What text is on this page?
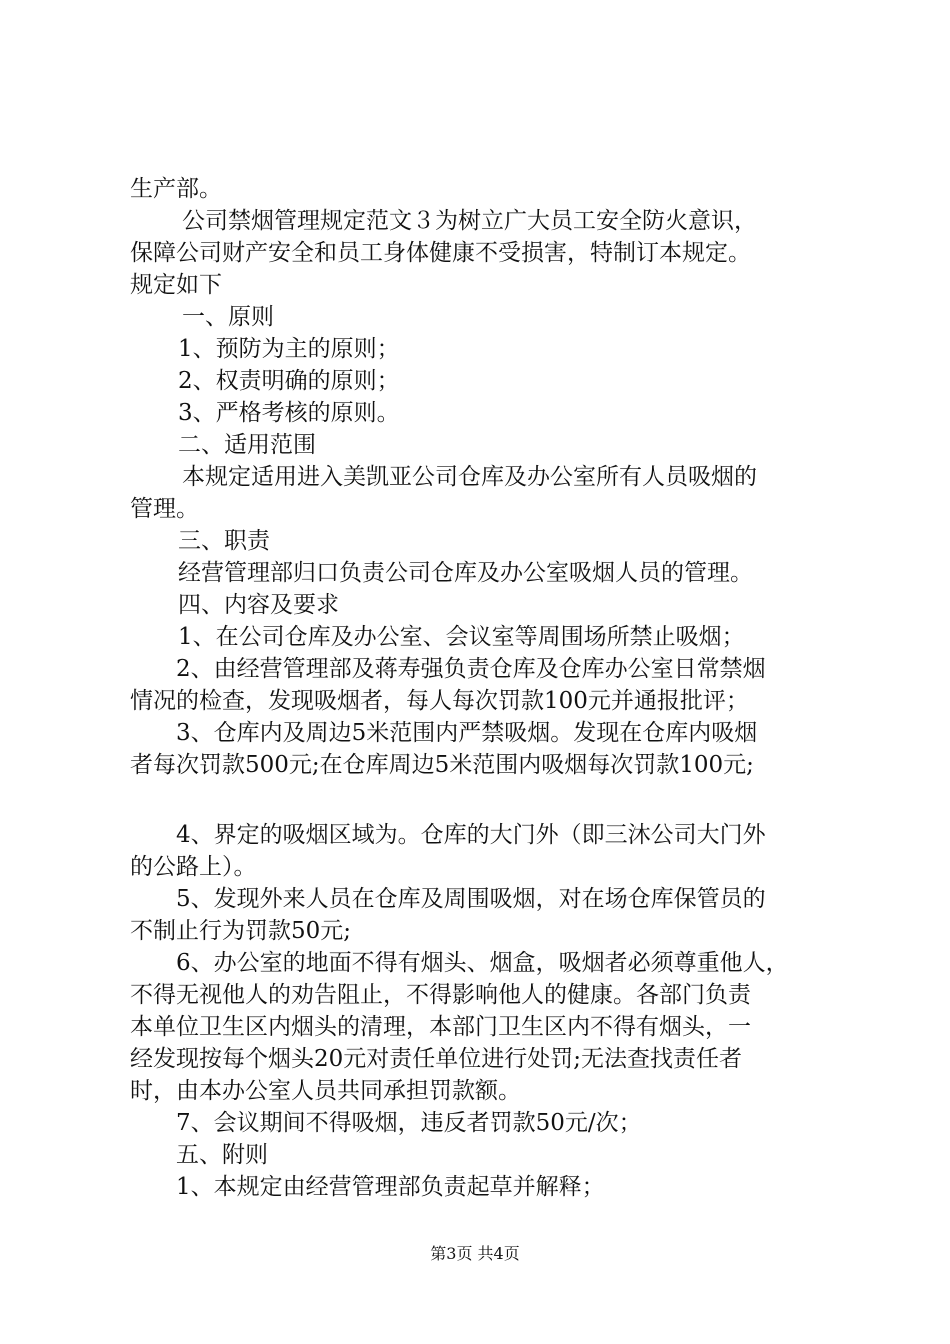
生产部。
公司禁烟管理规定范文３为树立广大员工安全防火意识，
保障公司财产安全和员工身体健康不受损害，特制订本规定。
规定如下
一、原则
1、预防为主的原则；
2、权责明确的原则；
3、严格考核的原则。
二、适用范围
本规定适用进入美凯亚公司仓库及办公室所有人员吸烟的
管理。
三、职责
经营管理部归口负责公司仓库及办公室吸烟人员的管理。
四、内容及要求
1、在公司仓库及办公室、会议室等周围场所禁止吸烟；
2、由经营管理部及蒋寿强负责仓库及仓库办公室日常禁烟
情况的检查，发现吸烟者，每人每次罚款100元并通报批评；
3、仓库内及周边5米范围内严禁吸烟。发现在仓库内吸烟
者每次罚款500元;在仓库周边5米范围内吸烟每次罚款100元;
4、界定的吸烟区域为。仓库的大门外（即三沐公司大门外
的公路上）。
5、发现外来人员在仓库及周围吸烟，对在场仓库保管员的
不制止行为罚款50元;
6、办公室的地面不得有烟头、烟盒，吸烟者必须尊重他人，
不得无视他人的劝告阻止，不得影响他人的健康。各部门负责
本单位卫生区内烟头的清理，本部门卫生区内不得有烟头，一
经发现按每个烟头20元对责任单位进行处罚;无法查找责任者
时，由本办公室人员共同承担罚款额。
7、会议期间不得吸烟，违反者罚款50元/次；
五、附则
1、本规定由经营管理部负责起草并解释；
第3页 共4页
